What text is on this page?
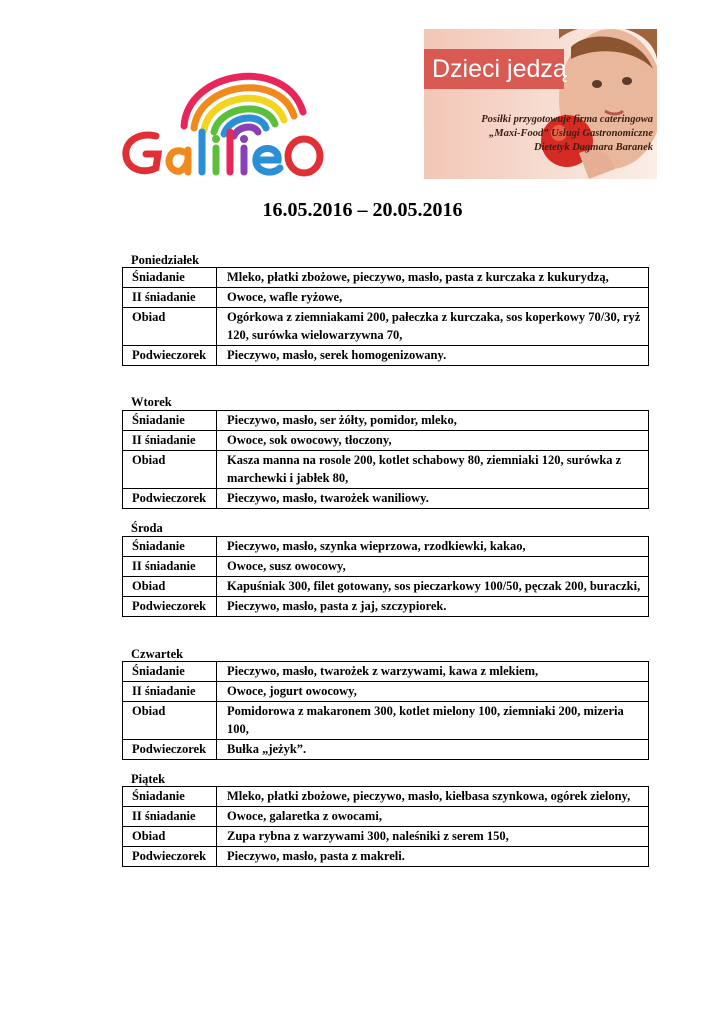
Dzieci jedzą
Posiłki przygotowuje firma cateringowa
„Maxi-Food” Usługi Gastronomiczne
Dietetyk Dagmara Baranek
16.05.2016 – 20.05.2016
Poniedziałek
Śniadanie	Mleko, płatki zbożowe, pieczywo, masło, pasta z kurczaka z kukurydzą,
II śniadanie	Owoce, wafle ryżowe,
Obiad	Ogórkowa z ziemniakami 200, pałeczka z kurczaka, sos koperkowy 70/30, ryż 120, surówka wielowarzywna 70,
Podwieczorek	Pieczywo, masło, serek homogenizowany.
Wtorek
Śniadanie	Pieczywo, masło, ser żółty, pomidor, mleko,
II śniadanie	Owoce, sok owocowy, tłoczony,
Obiad	Kasza manna na rosole 200, kotlet schabowy 80, ziemniaki 120, surówka z marchewki i jabłek 80,
Podwieczorek	Pieczywo, masło, twarożek waniliowy.
Środa
Śniadanie	Pieczywo, masło, szynka wieprzowa, rzodkiewki, kakao,
II śniadanie	Owoce, susz owocowy,
Obiad	Kapuśniak 300, filet gotowany, sos pieczarkowy 100/50, pęczak 200, buraczki,
Podwieczorek	Pieczywo, masło, pasta z jaj, szczypiorek.
Czwartek
Śniadanie	Pieczywo, masło, twarożek z warzywami, kawa z mlekiem,
II śniadanie	Owoce, jogurt owocowy,
Obiad	Pomidorowa z makaronem 300, kotlet mielony 100, ziemniaki 200, mizeria 100,
Podwieczorek	Bułka „jeżyk”.
Piątek
Śniadanie	Mleko, płatki zbożowe, pieczywo, masło, kiełbasa szynkowa, ogórek zielony,
II śniadanie	Owoce, galaretka z owocami,
Obiad	Zupa rybna z warzywami 300, naleśniki z serem 150,
Podwieczorek	Pieczywo, masło, pasta z makreli.
